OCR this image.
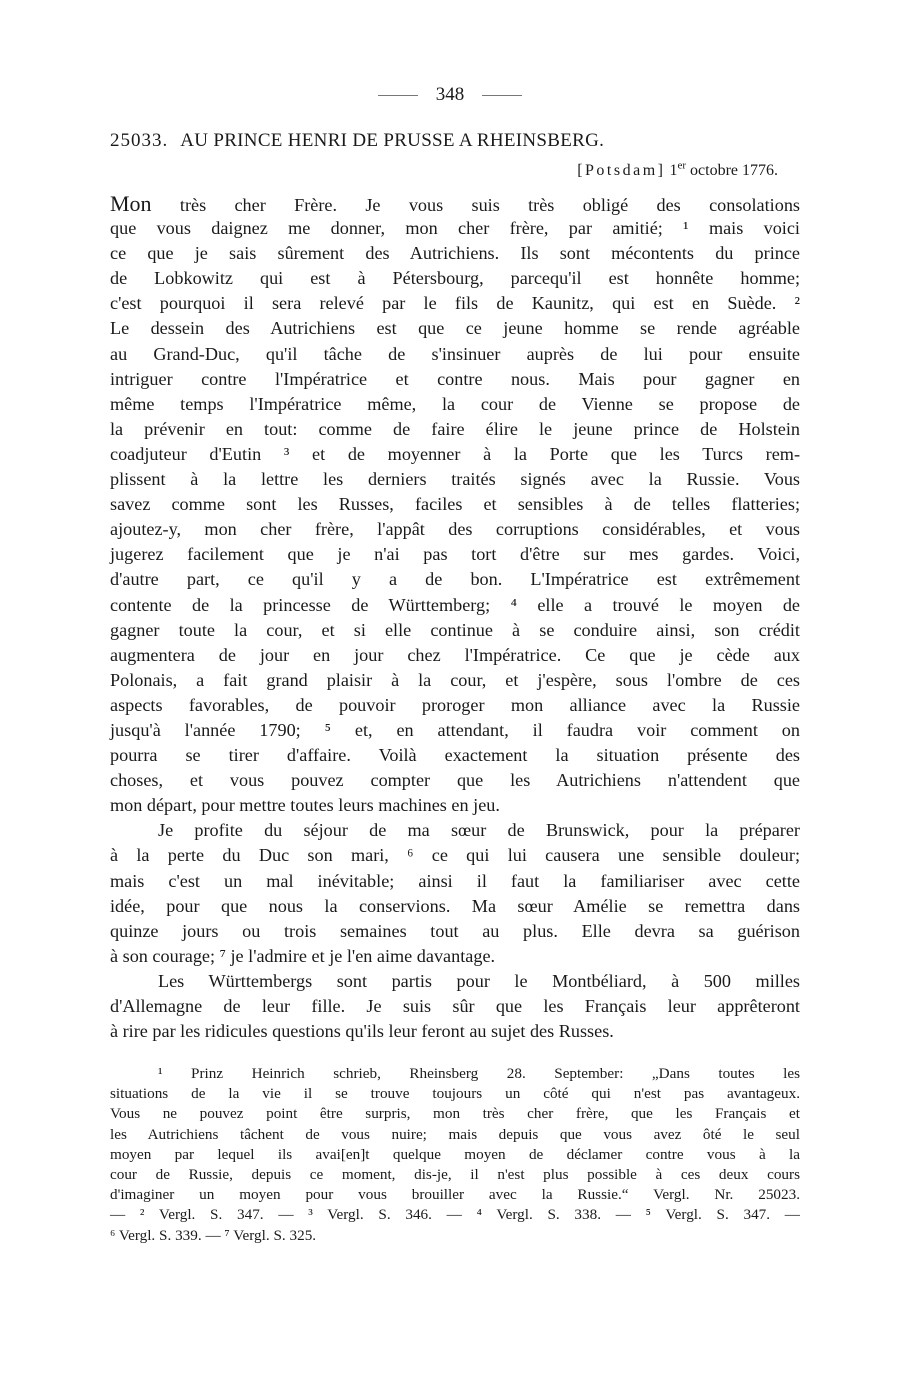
348
25033. AU PRINCE HENRI DE PRUSSE A RHEINSBERG.
[Potsdam] 1er octobre 1776.
Mon très cher Frère. Je vous suis très obligé des consolations
que vous daignez me donner, mon cher frère, par amitié; ¹ mais voici
ce que je sais sûrement des Autrichiens. Ils sont mécontents du prince
de Lobkowitz qui est à Pétersbourg, parcequ'il est honnête homme;
c'est pourquoi il sera relevé par le fils de Kaunitz, qui est en Suède. ²
Le dessein des Autrichiens est que ce jeune homme se rende agréable
au Grand-Duc, qu'il tâche de s'insinuer auprès de lui pour ensuite
intriguer contre l'Impératrice et contre nous. Mais pour gagner en
même temps l'Impératrice même, la cour de Vienne se propose de
la prévenir en tout: comme de faire élire le jeune prince de Holstein
coadjuteur d'Eutin ³ et de moyenner à la Porte que les Turcs rem-
plissent à la lettre les derniers traités signés avec la Russie. Vous
savez comme sont les Russes, faciles et sensibles à de telles flatteries;
ajoutez-y, mon cher frère, l'appât des corruptions considérables, et vous
jugerez facilement que je n'ai pas tort d'être sur mes gardes. Voici,
d'autre part, ce qu'il y a de bon. L'Impératrice est extrêmement
contente de la princesse de Württemberg; ⁴ elle a trouvé le moyen de
gagner toute la cour, et si elle continue à se conduire ainsi, son crédit
augmentera de jour en jour chez l'Impératrice. Ce que je cède aux
Polonais, a fait grand plaisir à la cour, et j'espère, sous l'ombre de ces
aspects favorables, de pouvoir proroger mon alliance avec la Russie
jusqu'à l'année 1790; ⁵ et, en attendant, il faudra voir comment on
pourra se tirer d'affaire. Voilà exactement la situation présente des
choses, et vous pouvez compter que les Autrichiens n'attendent que
mon départ, pour mettre toutes leurs machines en jeu.
Je profite du séjour de ma sœur de Brunswick, pour la préparer
à la perte du Duc son mari, ⁶ ce qui lui causera une sensible douleur;
mais c'est un mal inévitable; ainsi il faut la familiariser avec cette
idée, pour que nous la conservions. Ma sœur Amélie se remettra dans
quinze jours ou trois semaines tout au plus. Elle devra sa guérison
à son courage; ⁷ je l'admire et je l'en aime davantage.
Les Württembergs sont partis pour le Montbéliard, à 500 milles
d'Allemagne de leur fille. Je suis sûr que les Français leur apprêteront
à rire par les ridicules questions qu'ils leur feront au sujet des Russes.
¹ Prinz Heinrich schrieb, Rheinsberg 28. September: „Dans toutes les
situations de la vie il se trouve toujours un côté qui n'est pas avantageux.
Vous ne pouvez point être surpris, mon très cher frère, que les Français et
les Autrichiens tâchent de vous nuire; mais depuis que vous avez ôté le seul
moyen par lequel ils avai[en]t quelque moyen de déclamer contre vous à la
cour de Russie, depuis ce moment, dis-je, il n'est plus possible à ces deux cours
d'imaginer un moyen pour vous brouiller avec la Russie.“ Vergl. Nr. 25023.
— ² Vergl. S. 347. — ³ Vergl. S. 346. — ⁴ Vergl. S. 338. — ⁵ Vergl. S. 347. —
⁶ Vergl. S. 339. — ⁷ Vergl. S. 325.
